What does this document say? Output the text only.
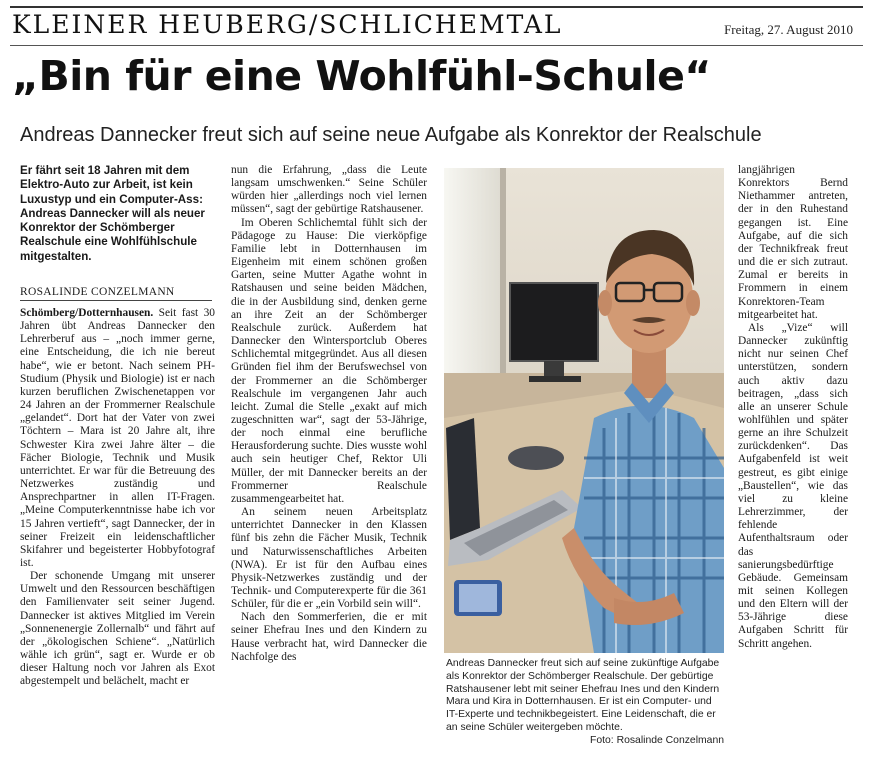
KLEINER HEUBERG/SCHLICHEMTAL	Freitag, 27. August 2010
„Bin für eine Wohlfühl-Schule“
Andreas Dannecker freut sich auf seine neue Aufgabe als Konrektor der Realschule
Er fährt seit 18 Jahren mit dem Elektro-Auto zur Arbeit, ist kein Luxustyp und ein Computer-Ass: Andreas Dannecker will als neuer Konrektor der Schömberger Realschule eine Wohlfühlschule mitgestalten.
ROSALINDE CONZELMANN

Schömberg/Dotternhausen. Seit fast 30 Jahren übt Andreas Dannecker den Lehrerberuf aus – „noch immer gerne, eine Entscheidung, die ich nie bereut habe“, wie er betont. Nach seinem PH-Studium (Physik und Biologie) ist er nach kurzen beruflichen Zwischenetappen vor 24 Jahren an der Frommerner Realschule „gelandet“. Dort hat der Vater von zwei Töchtern – Mara ist 20 Jahre alt, ihre Schwester Kira zwei Jahre älter – die Fächer Biologie, Technik und Musik unterrichtet. Er war für die Betreuung des Netzwerkes zuständig und Ansprechpartner in allen IT-Fragen. „Meine Computerkenntnisse habe ich vor 15 Jahren vertieft“, sagt Dannecker, der in seiner Freizeit ein leidenschaftlicher Skifahrer und begeisterter Hobbyfotograf ist.

Der schonende Umgang mit unserer Umwelt und den Ressourcen beschäftigen den Familienvater seit seiner Jugend. Dannecker ist aktives Mitglied im Verein „Sonnenenergie Zollernalb“ und fährt auf der „ökologischen Schiene“. „Natürlich wähle ich grün“, sagt er. Wurde er ob dieser Haltung noch vor Jahren als Exot abgestempelt und belächelt, macht er

nun die Erfahrung, „dass die Leute langsam umschwenken.“ Seine Schüler würden hier „allerdings noch viel lernen müssen“, sagt der gebürtige Ratshausener.

Im Oberen Schlichemtal fühlt sich der Pädagoge zu Hause: Die vierköpfige Familie lebt in Dotternhausen im Eigenheim mit einem schönen großen Garten, seine Mutter Agathe wohnt in Ratshausen und seine beiden Mädchen, die in der Ausbildung sind, denken gerne an ihre Zeit an der Schömberger Realschule zurück. Außerdem hat Dannecker den Wintersportclub Oberes Schlichemtal mitgegründet. Aus all diesen Gründen fiel ihm der Berufswechsel von der Frommerner an die Schömberger Realschule im vergangenen Jahr auch leicht. Zumal die Stelle „exakt auf mich zugeschnitten war“, sagt der 53-Jährige, der noch einmal eine berufliche Herausforderung suchte. Dies wusste wohl auch sein heutiger Chef, Rektor Uli Müller, der mit Dannecker bereits an der Frommerner Realschule zusammengearbeitet hat.

An seinem neuen Arbeitsplatz unterrichtet Dannecker in den Klassen fünf bis zehn die Fächer Musik, Technik und Naturwissenschaftliches Arbeiten (NWA). Er ist für den Aufbau eines Physik-Netzwerkes zuständig und der Technik- und Computerexperte für die 361 Schüler, für die er „ein Vorbild sein will“.

Nach den Sommerferien, die er mit seiner Ehefrau Ines und den Kindern zu Hause verbracht hat, wird Dannecker die Nachfolge des

langjährigen Konrektors Bernd Niethammer antreten, der in den Ruhestand gegangen ist. Eine Aufgabe, auf die sich der Technikfreak freut und die er sich zutraut. Zumal er bereits in Frommern in einem Konrektoren-Team mitgearbeitet hat.

Als „Vize“ will Dannecker zukünftig nicht nur seinen Chef unterstützen, sondern auch aktiv dazu beitragen, „dass sich alle an unserer Schule wohlfühlen und später gerne an ihre Schulzeit zurückdenken“. Das Aufgabenfeld ist weit gestreut, es gibt einige „Baustellen“, wie das viel zu kleine Lehrerzimmer, der fehlende Aufenthaltsraum oder das sanierungsbedürftige Gebäude. Gemeinsam mit seinen Kollegen und den Eltern will der 53-Jährige diese Aufgaben Schritt für Schritt angehen.

Andreas Dannecker freut sich auf seine zukünftige Aufgabe als Konrektor der Schömberger Realschule. Der gebürtige Ratshausener lebt mit seiner Ehefrau Ines und den Kindern Mara und Kira in Dotternhausen. Er ist ein Computer- und IT-Experte und technikbegeistert. Eine Leidenschaft, die er an seine Schüler weitergeben möchte.
Foto: Rosalinde Conzelmann
